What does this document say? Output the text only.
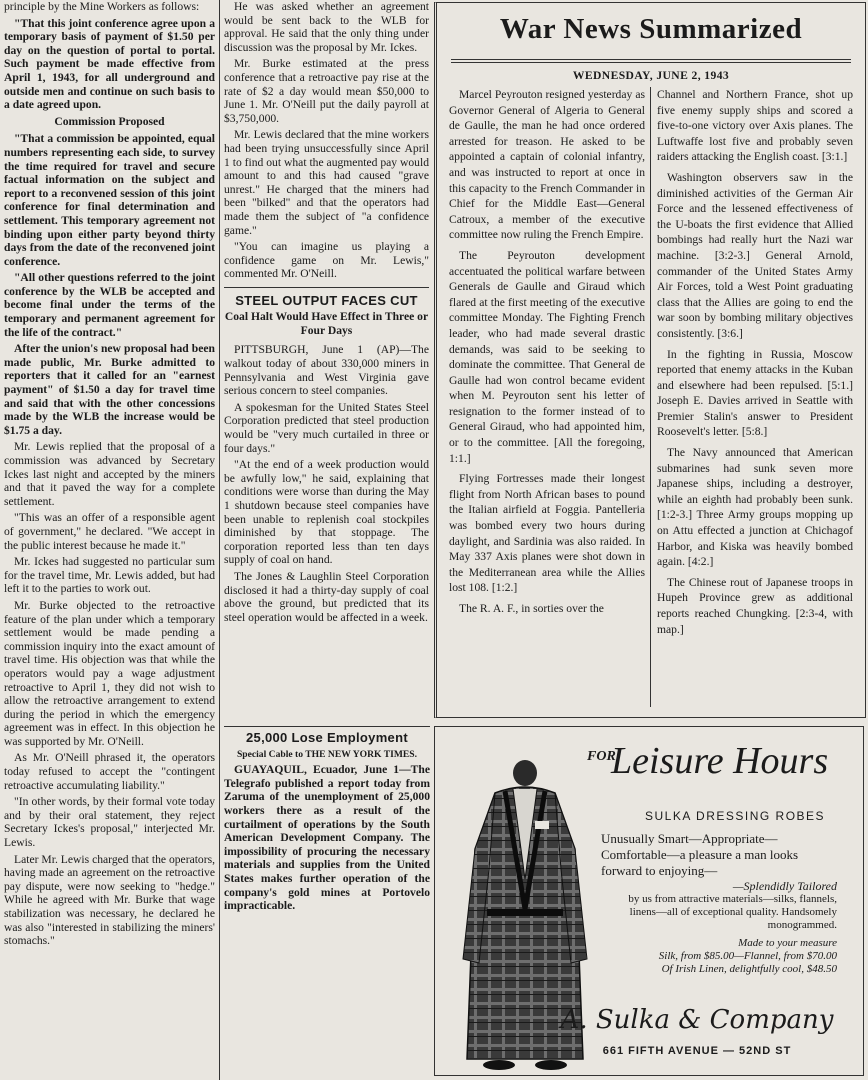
principle by the Mine Workers as follows:

"That this joint conference agree upon a temporary basis of payment of $1.50 per day on the question of portal to portal. Such payment be made effective from April 1, 1943, for all underground and outside men and continue on such basis to a date agreed upon.

Commission Proposed

"That a commission be appointed, equal numbers representing each side, to survey the time required for travel and secure factual information on the subject and report to a reconvened session of this joint conference for final determination and settlement. This temporary agreement not binding upon either party beyond thirty days from the date of the reconvened joint conference.

"All other questions referred to the joint conference by the WLB be accepted and become final under the terms of the temporary and permanent agreement for the life of the contract."

After the union's new proposal had been made public, Mr. Burke admitted to reporters that it called for an "earnest payment" of $1.50 a day for travel time and said that with the other concessions made by the WLB the increase would be $1.75 a day.

Mr. Lewis replied that the proposal of a commission was advanced by Secretary Ickes last night and accepted by the miners and that it paved the way for a complete settlement.

"This was an offer of a responsible agent of government," he declared. "We accept in the public interest because he made it."

Mr. Ickes had suggested no particular sum for the travel time, Mr. Lewis added, but had left it to the parties to work out.

Mr. Burke objected to the retroactive feature of the plan under which a temporary settlement would be made pending a commission inquiry into the exact amount of travel time. His objection was that while the operators would pay a wage adjustment retroactive to April 1, they did not wish to allow the retroactive arrangement to extend during the period in which the emergency agreement was in effect. In this objection he was supported by Mr. O'Neill.

As Mr. O'Neill phrased it, the operators today refused to accept the "contingent retroactive accumulating liability."

"In other words, by their formal vote today and by their oral statement, they reject Secretary Ickes's proposal," interjected Mr. Lewis.

Later Mr. Lewis charged that the operators, having made an agreement on the retroactive pay dispute, were now seeking to "hedge." While he agreed with Mr. Burke that wage stabilization was necessary, he declared he was also "interested in stabilizing the miners' stomachs."

He was asked whether an agreement would be sent back to the WLB for approval. He said that the only thing under discussion was the proposal by Mr. Ickes.

Mr. Burke estimated at the press conference that a retroactive pay rise at the rate of $2 a day would mean $50,000 to June 1. Mr. O'Neill put the daily payroll at $3,750,000.

Mr. Lewis declared that the mine workers had been trying unsuccessfully since April 1 to find out what the augmented pay would amount to and this had caused "grave unrest." He charged that the miners had been "bilked" and that the operators had made them the subject of "a confidence game."

"You can imagine us playing a confidence game on Mr. Lewis," commented Mr. O'Neill.

STEEL OUTPUT FACES CUT
Coal Halt Would Have Effect in Three or Four Days

PITTSBURGH, June 1 (AP)—The walkout today of about 330,000 miners in Pennsylvania and West Virginia gave serious concern to steel companies.

A spokesman for the United States Steel Corporation predicted that steel production would be "very much curtailed in three or four days."

"At the end of a week production would be awfully low," he said, explaining that conditions were worse than during the May 1 shutdown because steel companies have been unable to replenish coal stockpiles diminished by that stoppage. The corporation reported less than ten days supply of coal on hand.

The Jones & Laughlin Steel Corporation disclosed it had a thirty-day supply of coal above the ground, but predicted that its steel operation would be affected in a week.

25,000 Lose Employment
Special Cable to THE NEW YORK TIMES.

GUAYAQUIL, Ecuador, June 1—The Telegrafo published a report today from Zaruma of the unemployment of 25,000 workers there as a result of the curtailment of operations by the South American Development Company. The impossibility of procuring the necessary materials and supplies from the United States makes further operation of the company's gold mines at Portovelo impracticable.

War News Summarized
WEDNESDAY, JUNE 2, 1943

Marcel Peyrouton resigned yesterday as Governor General of Algeria to General de Gaulle, the man he had once ordered arrested for treason. He asked to be appointed a captain of colonial infantry, and was instructed to report at once in this capacity to the French Commander in Chief for the Middle East—General Catroux, a member of the executive committee now ruling the French Empire.

The Peyrouton development accentuated the political warfare between Generals de Gaulle and Giraud which flared at the first meeting of the executive committee Monday. The Fighting French leader, who had made several drastic demands, was said to be seeking to dominate the committee. That General de Gaulle had won control became evident when M. Peyrouton sent his letter of resignation to the former instead of to General Giraud, who had appointed him, or to the committee. [All the foregoing, 1:1.]

Flying Fortresses made their longest flight from North African bases to pound the Italian airfield at Foggia. Pantelleria was bombed every two hours during daylight, and Sardinia was also raided. In May 337 Axis planes were shot down in the Mediterranean area while the Allies lost 108. [1:2.]

The R. A. F., in sorties over the

Channel and Northern France, shot up five enemy supply ships and scored a five-to-one victory over Axis planes. The Luftwaffe lost five and probably seven raiders attacking the English coast. [3:1.]

Washington observers saw in the diminished activities of the German Air Force and the lessened effectiveness of the U-boats the first evidence that Allied bombings had really hurt the Nazi war machine. [3:2-3.] General Arnold, commander of the United States Army Air Forces, told a West Point graduating class that the Allies are going to end the war soon by bombing military objectives consistently. [3:6.]

In the fighting in Russia, Moscow reported that enemy attacks in the Kuban and elsewhere had been repulsed. [5:1.] Joseph E. Davies arrived in Seattle with Premier Stalin's answer to President Roosevelt's letter. [5:8.]

The Navy announced that American submarines had sunk seven more Japanese ships, including a destroyer, while an eighth had probably been sunk. [1:2-3.] Three Army groups mopping up on Attu effected a junction at Chichagof Harbor, and Kiska was heavily bombed again. [4:2.]

The Chinese rout of Japanese troops in Hupeh Province grew as additional reports reached Chungking. [2:3-4, with map.]

FOR
Leisure Hours
SULKA DRESSING ROBES
Unusually Smart—Appropriate—Comfortable—a pleasure a man looks forward to enjoying—
—Splendidly Tailored
by us from attractive materials—silks, flannels, linens—all of exceptional quality. Handsomely monogrammed.
Made to your measure
Silk, from $85.00—Flannel, from $70.00
Of Irish Linen, delightfully cool, $48.50
A. Sulka & Company
661 FIFTH AVENUE — 52ND ST
